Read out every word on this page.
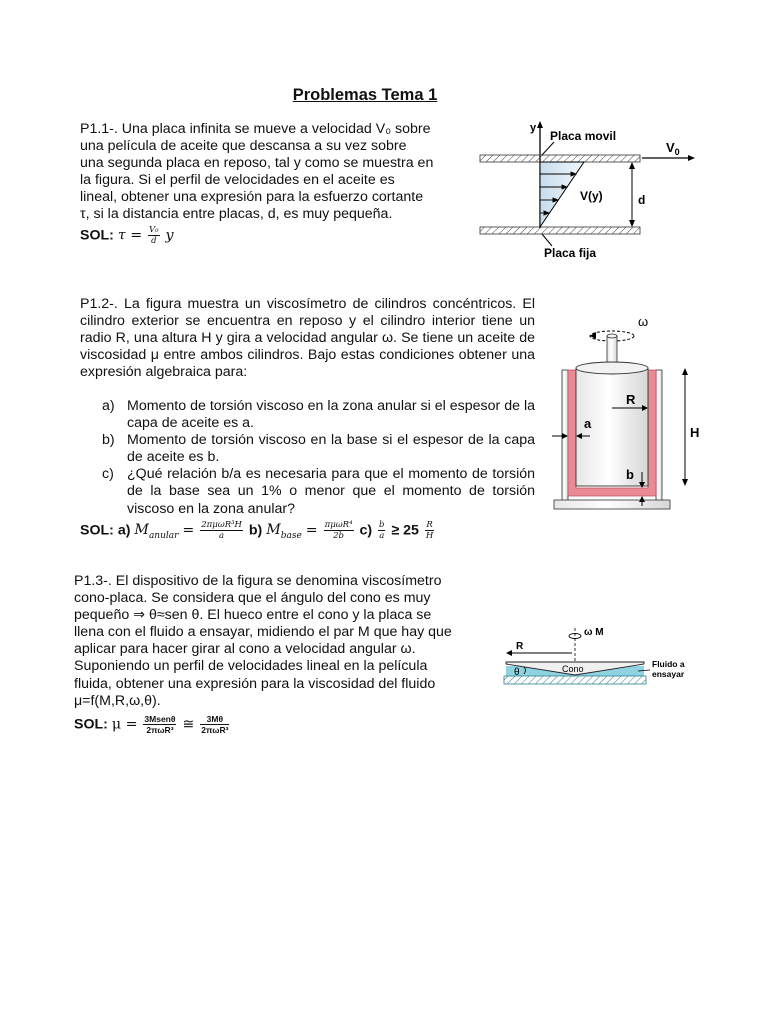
Problemas Tema 1
P1.1-. Una placa infinita se mueve a velocidad V₀ sobre
una película de aceite que descansa a su vez sobre
una segunda placa en reposo, tal y como se muestra en
la figura. Si el perfil de velocidades en el aceite es
lineal, obtener una expresión para la esfuerzo cortante
τ, si la distancia entre placas, d, es muy pequeña.
SOL: $\tau = \frac{\text{V₀}}{d}$ y
y
Placa movil
$V_0$
V(y)	d
Placa fija
P1.2-. La figura muestra un viscosímetro de cilindros concéntricos. El cilindro exterior se encuentra en reposo y el cilindro interior tiene un radio R, una altura H y gira a velocidad angular ω. Se tiene un aceite de viscosidad μ entre ambos cilindros. Bajo estas condiciones obtener una expresión algebraica para:
a) Momento de torsión viscoso en la zona anular si el espesor de la capa de aceite es a.
b) Momento de torsión viscoso en la base si el espesor de la capa de aceite es b.
c) ¿Qué relación b/a es necesaria para que el momento de torsión de la base sea un 1% o menor que el momento de torsión viscoso en la zona anular?
SOL: a) $M_{anular} = \frac{\text{2πμωR³H}}{a} b$) $M_{base} = \frac{\text{πμωR⁴}}{2b} c) \frac{b}{a} \ge 25 \frac{R}{H}$
ω
R
a
H
b
P1.3-. El dispositivo de la figura se denomina viscosímetro
cono-placa. Se considera que el ángulo del cono es muy
pequeño ⇒ θ≈sen θ. El hueco entre el cono y la placa se
llena con el fluido a ensayar, midiendo el par M que hay que
aplicar para hacer girar al cono a velocidad angular ω.
Suponiendo un perfil de velocidades lineal en la película
fluida, obtener una expresión para la viscosidad del fluido
μ=f(M,R,ω,θ).
SOL: $\mu = \frac{\text{3Msenθ}}{\text{2πωR³}}$ ≅ $\frac{3M\theta}{\text{2πωR³}}$
ω M
R
Cono
θ
Fluido a
ensayar
